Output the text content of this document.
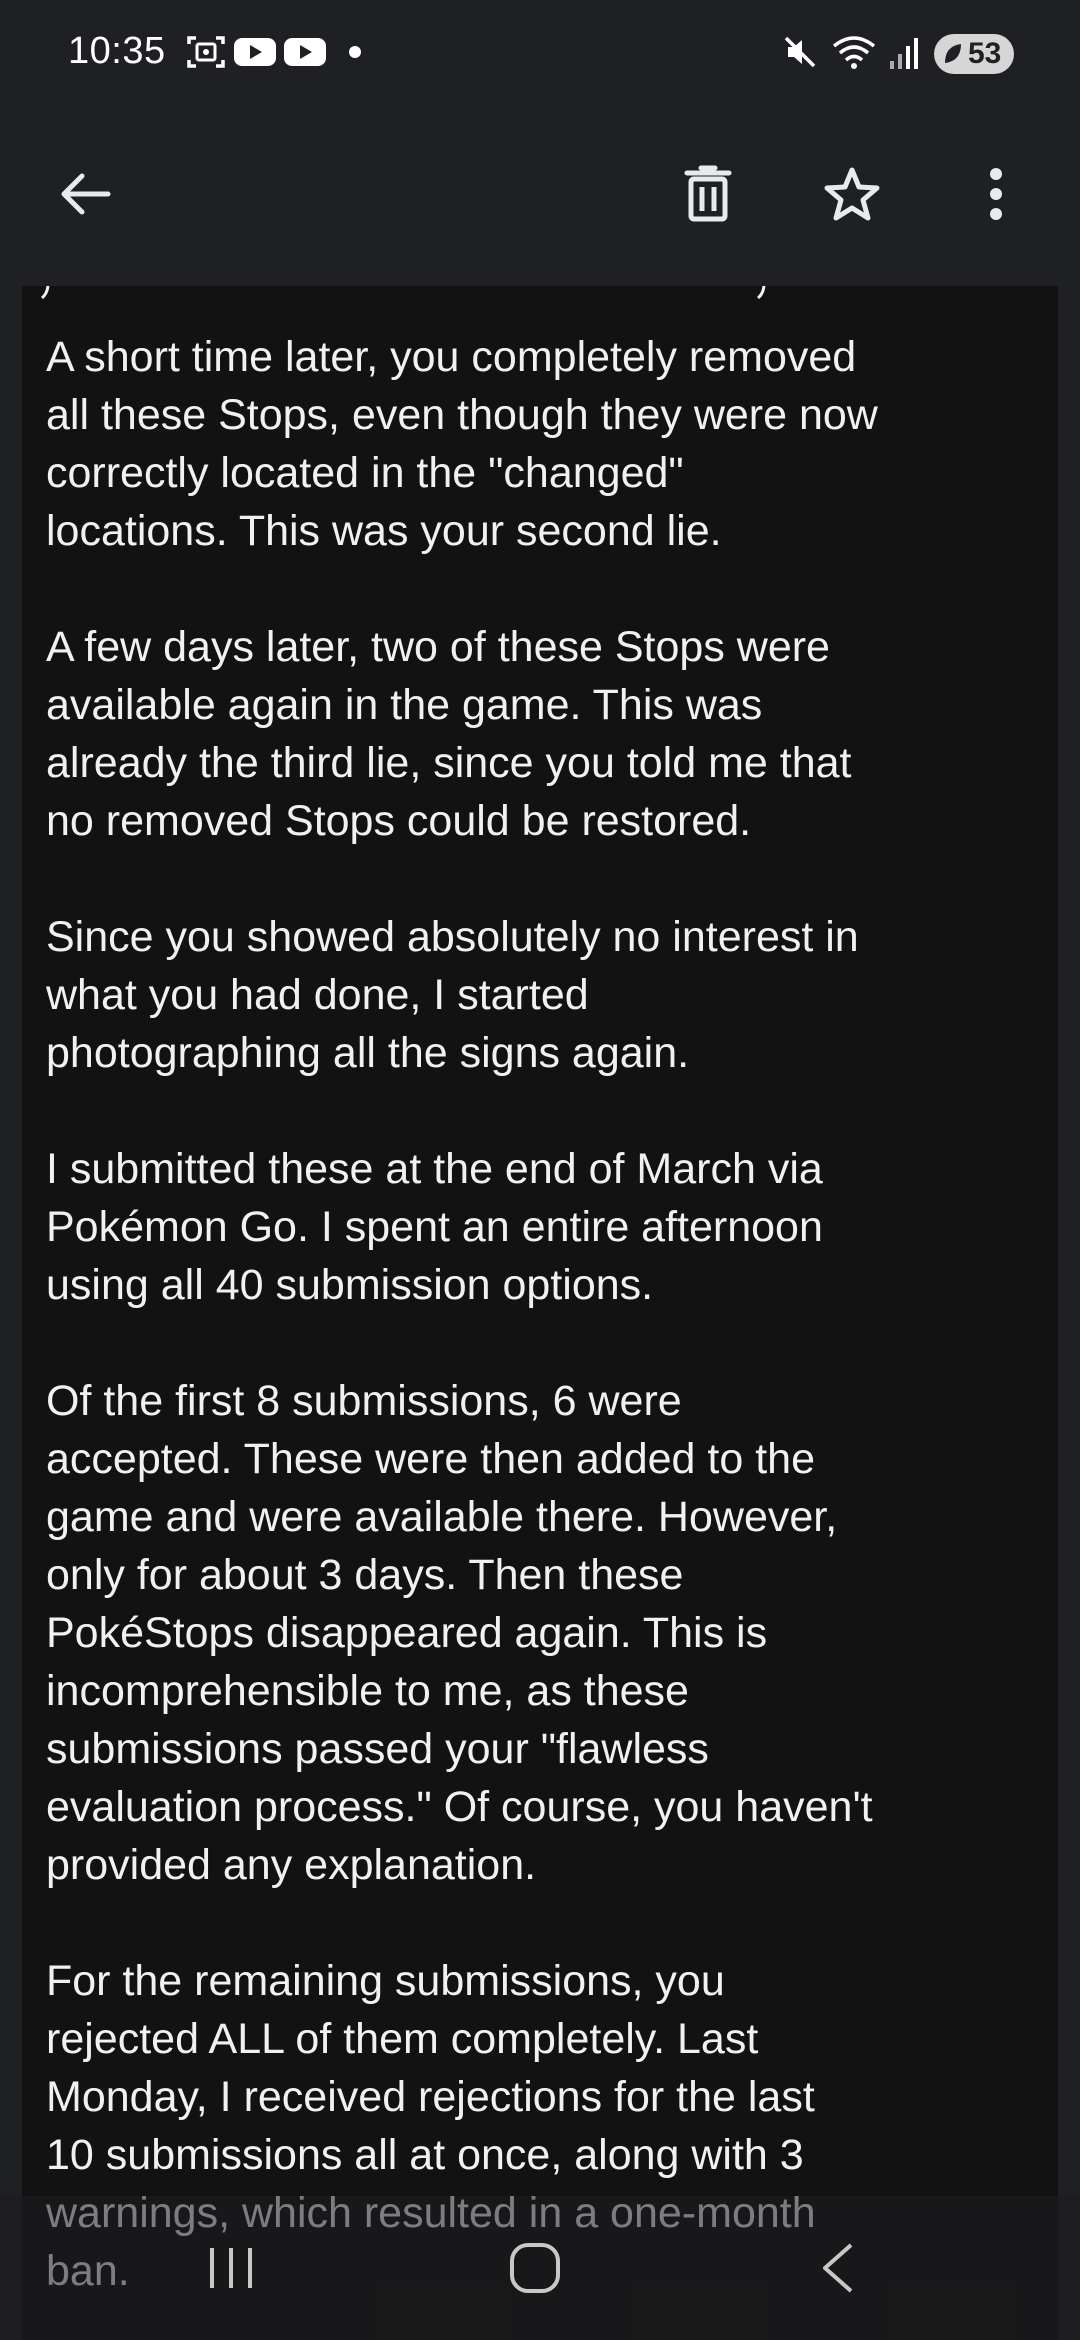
10:35	53

A short time later, you completely removed
all these Stops, even though they were now
correctly located in the "changed"
locations. This was your second lie.

A few days later, two of these Stops were
available again in the game. This was
already the third lie, since you told me that
no removed Stops could be restored.

Since you showed absolutely no interest in
what you had done, I started
photographing all the signs again.

I submitted these at the end of March via
Pokémon Go. I spent an entire afternoon
using all 40 submission options.

Of the first 8 submissions, 6 were
accepted. These were then added to the
game and were available there. However,
only for about 3 days. Then these
PokéStops disappeared again. This is
incomprehensible to me, as these
submissions passed your "flawless
evaluation process." Of course, you haven't
provided any explanation.

For the remaining submissions, you
rejected ALL of them completely. Last
Monday, I received rejections for the last
10 submissions all at once, along with 3
